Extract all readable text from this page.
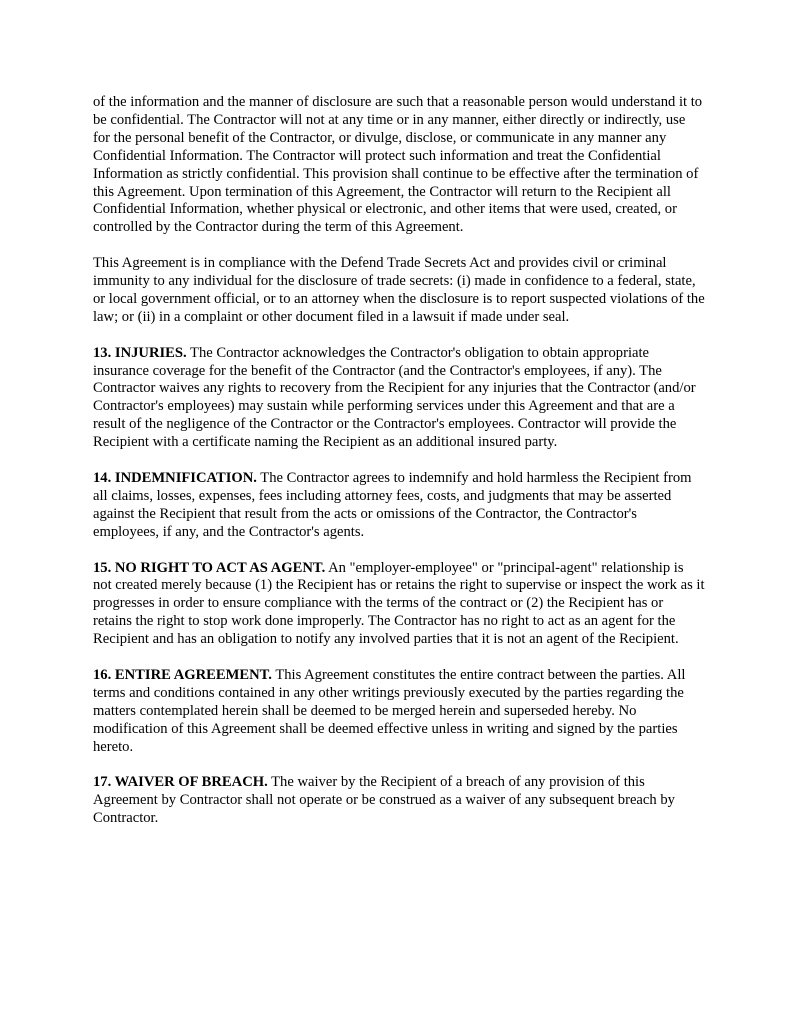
of the information and the manner of disclosure are such that a reasonable person would understand it to be confidential. The Contractor will not at any time or in any manner, either directly or indirectly, use for the personal benefit of the Contractor, or divulge, disclose, or communicate in any manner any Confidential Information. The Contractor will protect such information and treat the Confidential Information as strictly confidential. This provision shall continue to be effective after the termination of this Agreement. Upon termination of this Agreement, the Contractor will return to the Recipient all Confidential Information, whether physical or electronic, and other items that were used, created, or controlled by the Contractor during the term of this Agreement.

This Agreement is in compliance with the Defend Trade Secrets Act and provides civil or criminal immunity to any individual for the disclosure of trade secrets: (i) made in confidence to a federal, state, or local government official, or to an attorney when the disclosure is to report suspected violations of the law; or (ii) in a complaint or other document filed in a lawsuit if made under seal.

13. INJURIES. The Contractor acknowledges the Contractor's obligation to obtain appropriate insurance coverage for the benefit of the Contractor (and the Contractor's employees, if any). The Contractor waives any rights to recovery from the Recipient for any injuries that the Contractor (and/or Contractor's employees) may sustain while performing services under this Agreement and that are a result of the negligence of the Contractor or the Contractor's employees. Contractor will provide the Recipient with a certificate naming the Recipient as an additional insured party.

14. INDEMNIFICATION. The Contractor agrees to indemnify and hold harmless the Recipient from all claims, losses, expenses, fees including attorney fees, costs, and judgments that may be asserted against the Recipient that result from the acts or omissions of the Contractor, the Contractor's employees, if any, and the Contractor's agents.

15. NO RIGHT TO ACT AS AGENT. An "employer-employee" or "principal-agent" relationship is not created merely because (1) the Recipient has or retains the right to supervise or inspect the work as it progresses in order to ensure compliance with the terms of the contract or (2) the Recipient has or retains the right to stop work done improperly. The Contractor has no right to act as an agent for the Recipient and has an obligation to notify any involved parties that it is not an agent of the Recipient.

16. ENTIRE AGREEMENT. This Agreement constitutes the entire contract between the parties. All terms and conditions contained in any other writings previously executed by the parties regarding the matters contemplated herein shall be deemed to be merged herein and superseded hereby. No modification of this Agreement shall be deemed effective unless in writing and signed by the parties hereto.

17. WAIVER OF BREACH. The waiver by the Recipient of a breach of any provision of this Agreement by Contractor shall not operate or be construed as a waiver of any subsequent breach by Contractor.
